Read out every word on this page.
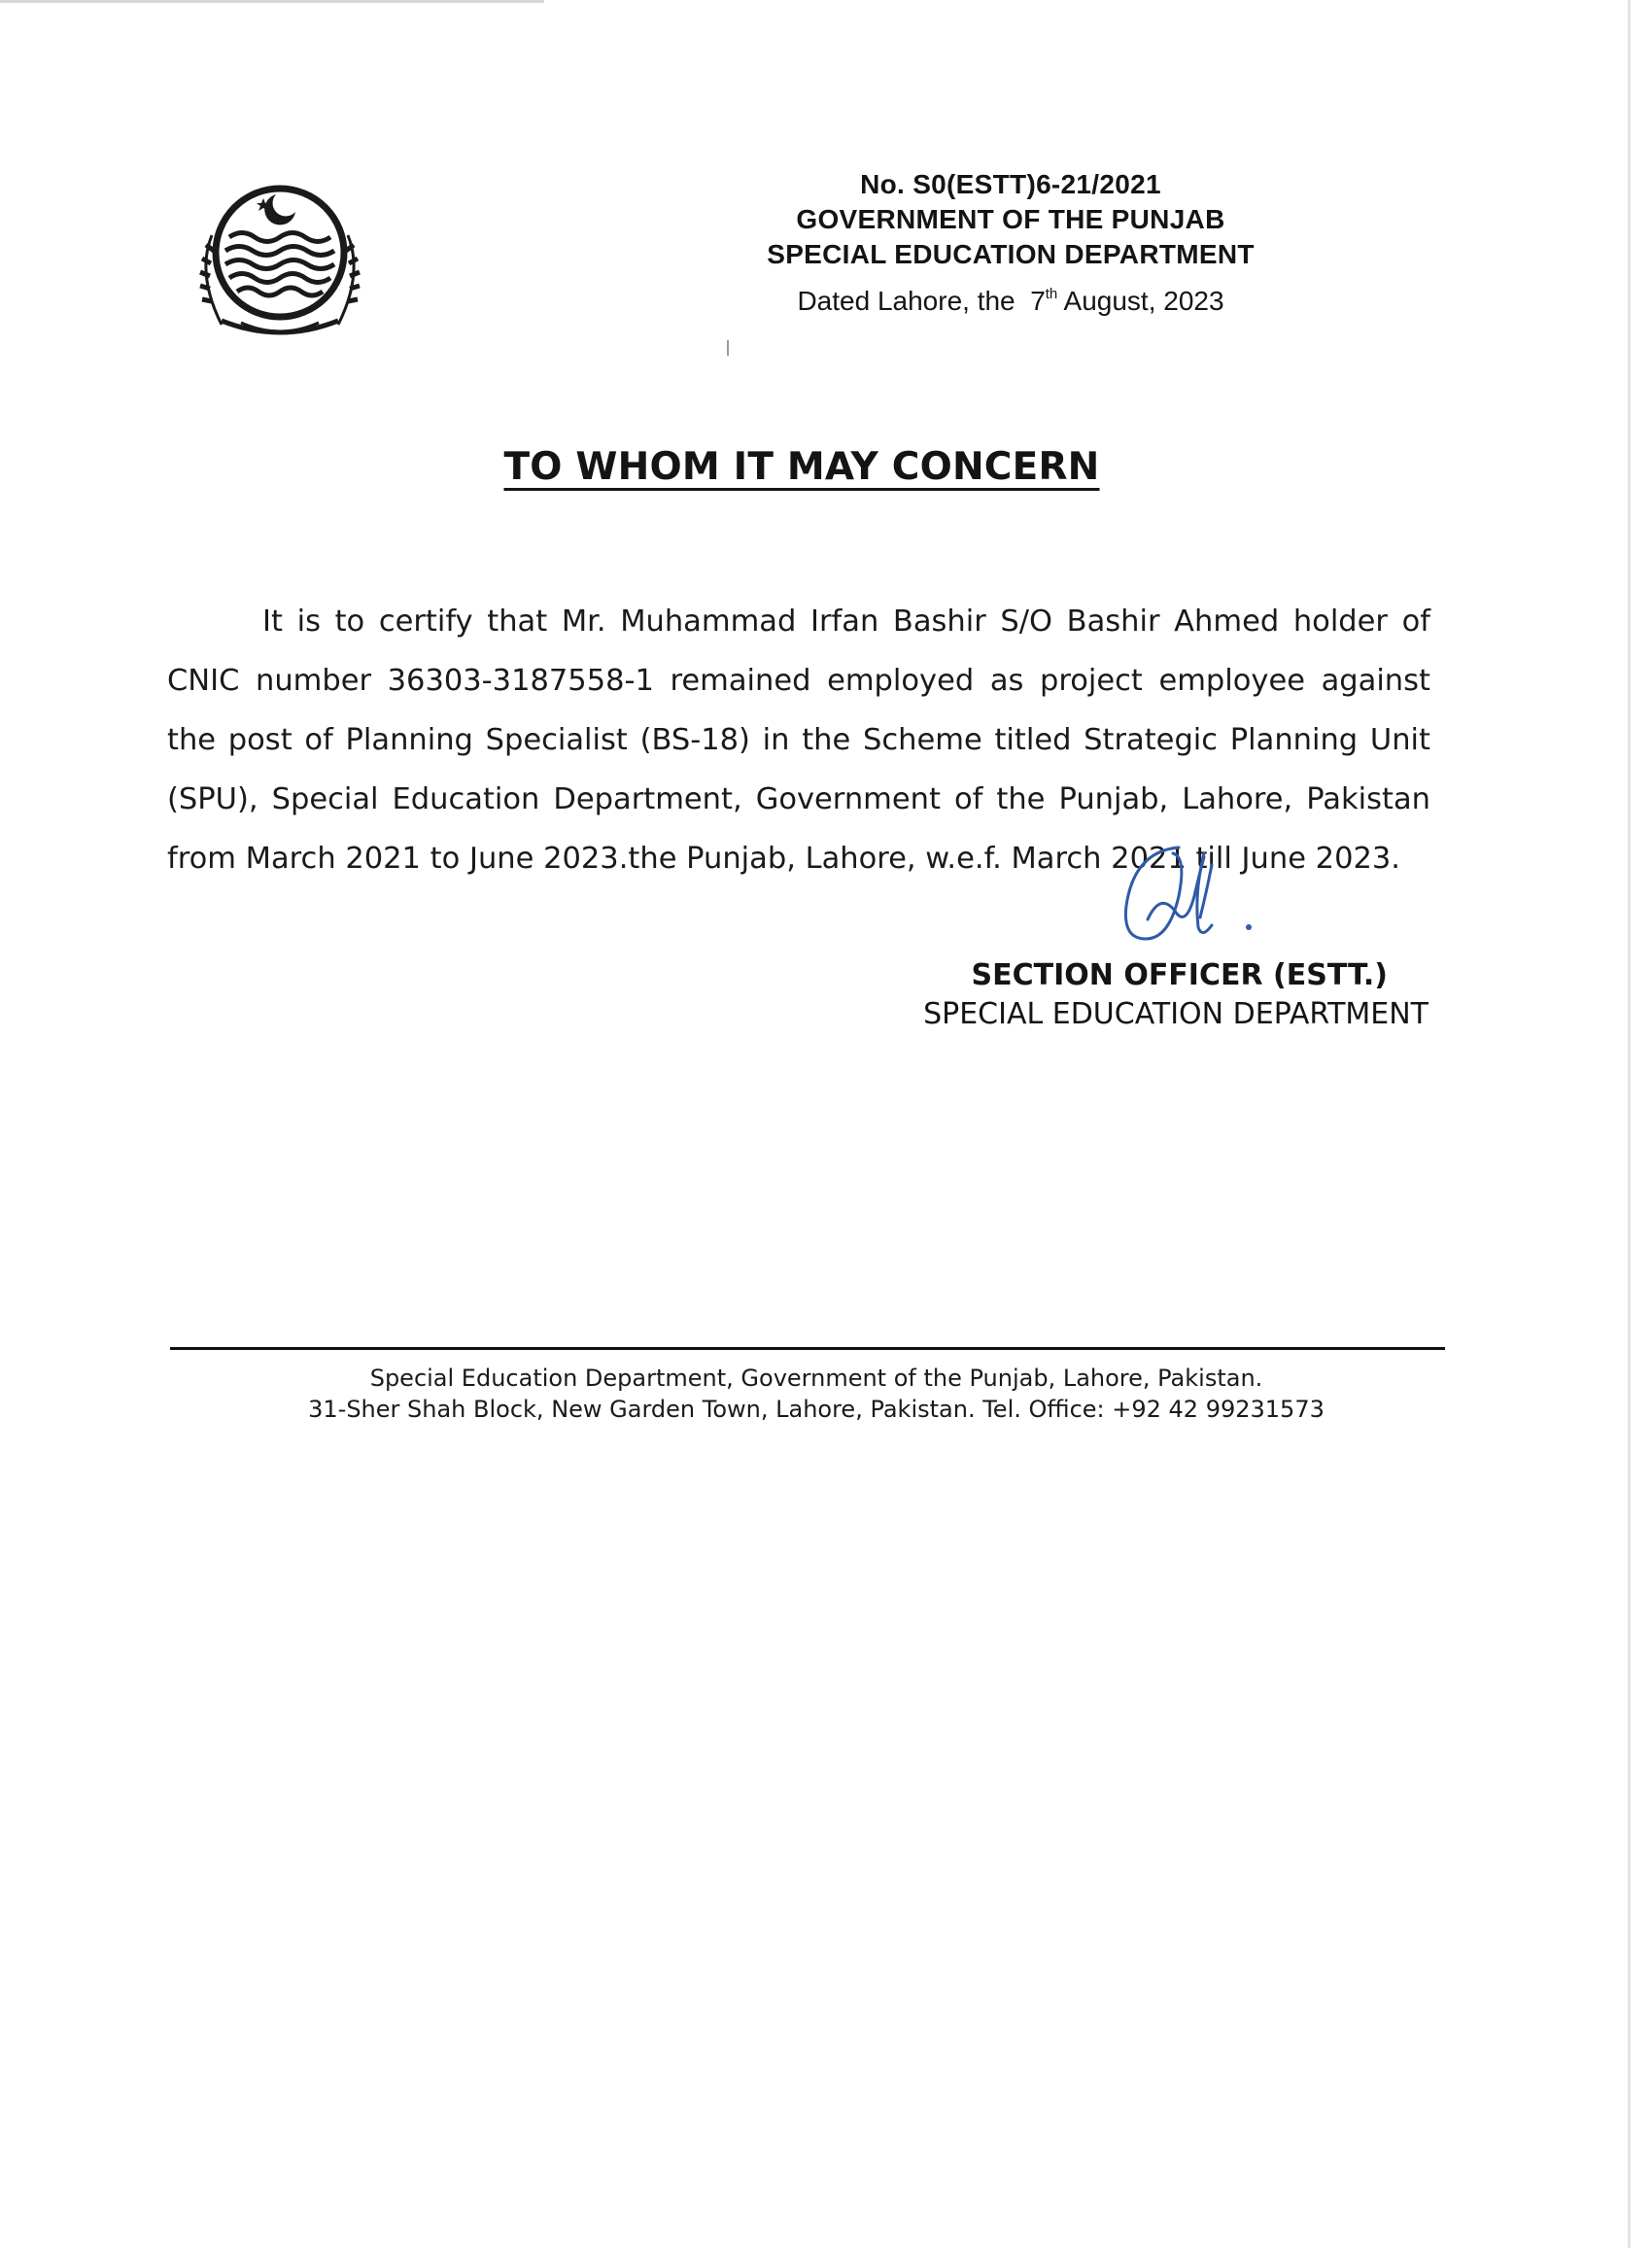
No. S0(ESTT)6-21/2021
GOVERNMENT OF THE PUNJAB
SPECIAL EDUCATION DEPARTMENT
Dated Lahore, the 7th August, 2023
TO WHOM IT MAY CONCERN

It is to certify that Mr. Muhammad Irfan Bashir S/O Bashir Ahmed holder of CNIC number 36303-3187558-1 remained employed as project employee against the post of Planning Specialist (BS-18) in the Scheme titled Strategic Planning Unit (SPU), Special Education Department, Government of the Punjab, Lahore, Pakistan from March 2021 to June 2023.the Punjab, Lahore, w.e.f. March 2021 till June 2023.

SECTION OFFICER (ESTT.)
SPECIAL EDUCATION DEPARTMENT
Special Education Department, Government of the Punjab, Lahore, Pakistan.
31-Sher Shah Block, New Garden Town, Lahore, Pakistan. Tel. Office: +92 42 99231573
